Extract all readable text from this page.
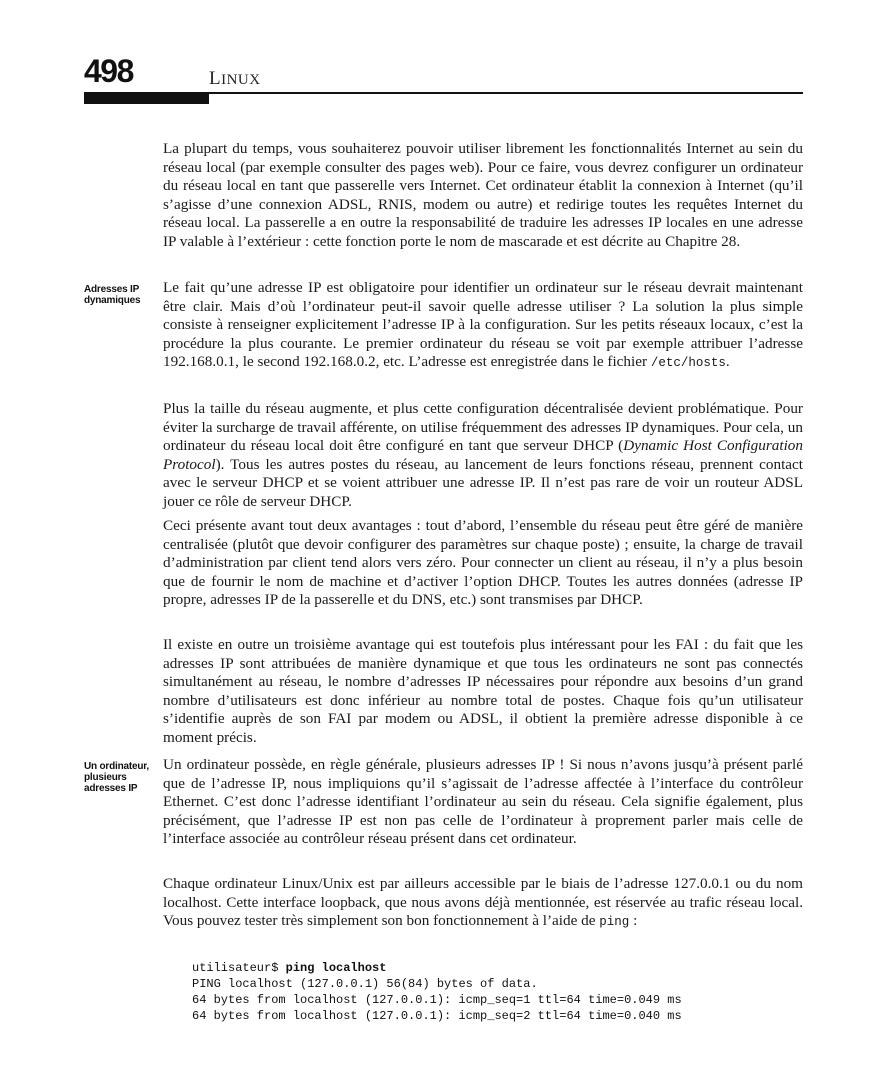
498	LINUX

La plupart du temps, vous souhaiterez pouvoir utiliser librement les fonctionnalités Internet au sein du réseau local (par exemple consulter des pages web). Pour ce faire, vous devrez configurer un ordinateur du réseau local en tant que passerelle vers Internet. Cet ordinateur établit la connexion à Internet (qu’il s’agisse d’une connexion ADSL, RNIS, modem ou autre) et redirige toutes les requêtes Internet du réseau local. La passerelle a en outre la responsabilité de traduire les adresses IP locales en une adresse IP valable à l’extérieur : cette fonction porte le nom de mascarade et est décrite au Chapitre 28.

Adresses IP
dynamiques

Le fait qu’une adresse IP est obligatoire pour identifier un ordinateur sur le réseau devrait maintenant être clair. Mais d’où l’ordinateur peut-il savoir quelle adresse utiliser ? La solution la plus simple consiste à renseigner explicitement l’adresse IP à la configuration. Sur les petits réseaux locaux, c’est la procédure la plus courante. Le premier ordinateur du réseau se voit par exemple attribuer l’adresse 192.168.0.1, le second 192.168.0.2, etc. L’adresse est enregistrée dans le fichier /etc/hosts.

Plus la taille du réseau augmente, et plus cette configuration décentralisée devient problématique. Pour éviter la surcharge de travail afférente, on utilise fréquemment des adresses IP dynamiques. Pour cela, un ordinateur du réseau local doit être configuré en tant que serveur DHCP (Dynamic Host Configuration Protocol). Tous les autres postes du réseau, au lancement de leurs fonctions réseau, prennent contact avec le serveur DHCP et se voient attribuer une adresse IP. Il n’est pas rare de voir un routeur ADSL jouer ce rôle de serveur DHCP.

Ceci présente avant tout deux avantages : tout d’abord, l’ensemble du réseau peut être géré de manière centralisée (plutôt que devoir configurer des paramètres sur chaque poste) ; ensuite, la charge de travail d’administration par client tend alors vers zéro. Pour connecter un client au réseau, il n’y a plus besoin que de fournir le nom de machine et d’activer l’option DHCP. Toutes les autres données (adresse IP propre, adresses IP de la passerelle et du DNS, etc.) sont transmises par DHCP.

Il existe en outre un troisième avantage qui est toutefois plus intéressant pour les FAI : du fait que les adresses IP sont attribuées de manière dynamique et que tous les ordinateurs ne sont pas connectés simultanément au réseau, le nombre d’adresses IP nécessaires pour répondre aux besoins d’un grand nombre d’utilisateurs est donc inférieur au nombre total de postes. Chaque fois qu’un utilisateur s’identifie auprès de son FAI par modem ou ADSL, il obtient la première adresse disponible à ce moment précis.

Un ordinateur,
plusieurs
adresses IP

Un ordinateur possède, en règle générale, plusieurs adresses IP ! Si nous n’avons jusqu’à présent parlé que de l’adresse IP, nous impliquions qu’il s’agissait de l’adresse affectée à l’interface du contrôleur Ethernet. C’est donc l’adresse identifiant l’ordinateur au sein du réseau. Cela signifie également, plus précisément, que l’adresse IP est non pas celle de l’ordinateur à proprement parler mais celle de l’interface associée au contrôleur réseau présent dans cet ordinateur.

Chaque ordinateur Linux/Unix est par ailleurs accessible par le biais de l’adresse 127.0.0.1 ou du nom localhost. Cette interface loopback, que nous avons déjà mentionnée, est réservée au trafic réseau local. Vous pouvez tester très simplement son bon fonctionnement à l’aide de ping :

utilisateur$ ping localhost
PING localhost (127.0.0.1) 56(84) bytes of data.
64 bytes from localhost (127.0.0.1): icmp_seq=1 ttl=64 time=0.049 ms
64 bytes from localhost (127.0.0.1): icmp_seq=2 ttl=64 time=0.040 ms
